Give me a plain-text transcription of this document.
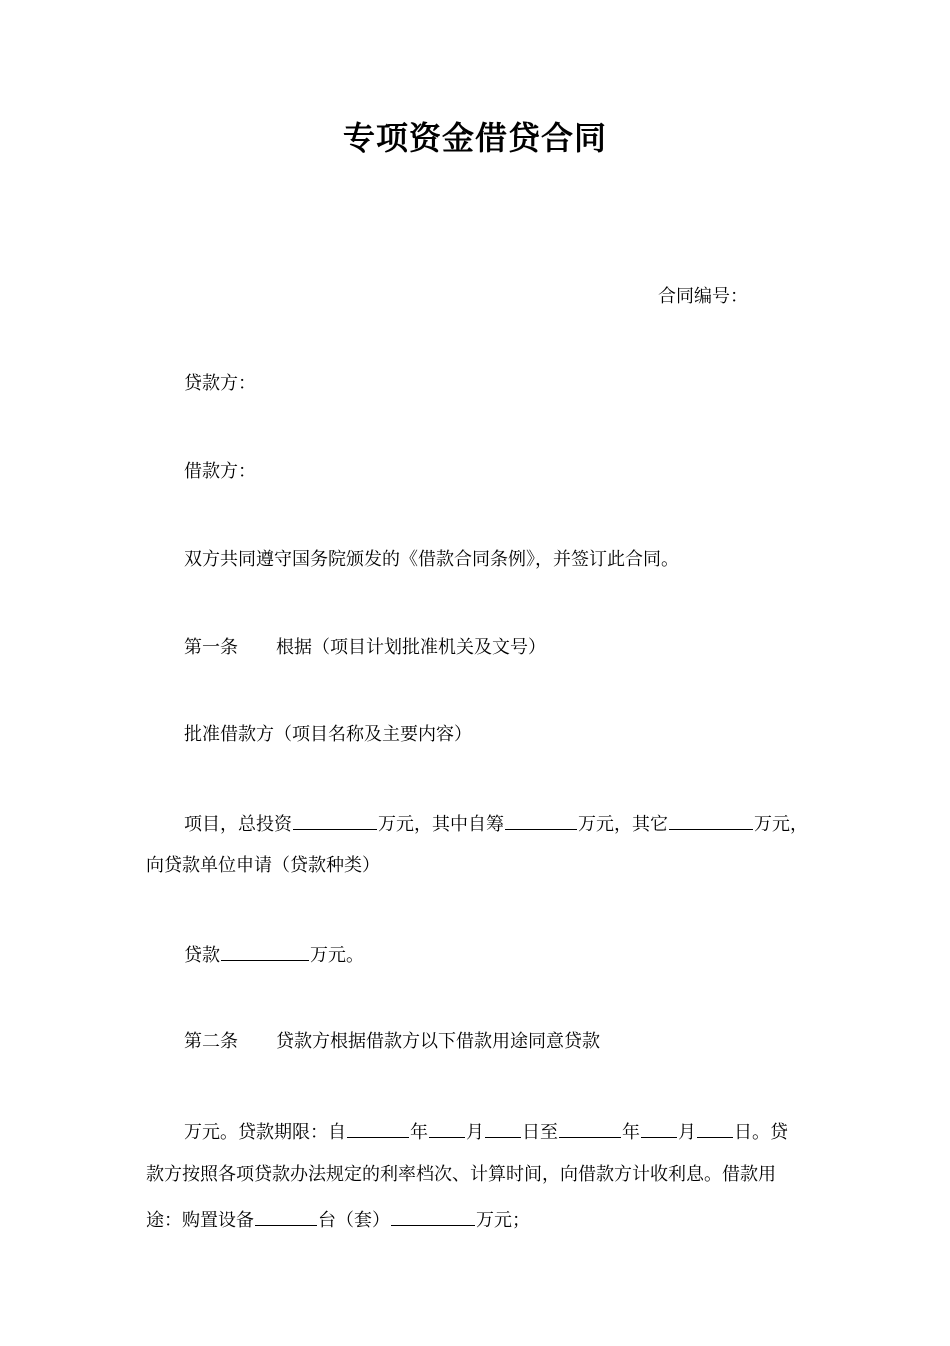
专项资金借贷合同

合同编号：

贷款方：

借款方：

双方共同遵守国务院颁发的《借款合同条例》，并签订此合同。

第一条 根据（项目计划批准机关及文号）

批准借款方（项目名称及主要内容）

项目，总投资	万元，其中自筹	万元，其它	万元，

向贷款单位申请（贷款种类）

贷款	万元。

第二条 贷款方根据借款方以下借款用途同意贷款

万元。贷款期限：自	年 月 日至	年 月 日。贷

款方按照各项贷款办法规定的利率档次、计算时间，向借款方计收利息。借款用

途：购置设备	台（套）	万元；
